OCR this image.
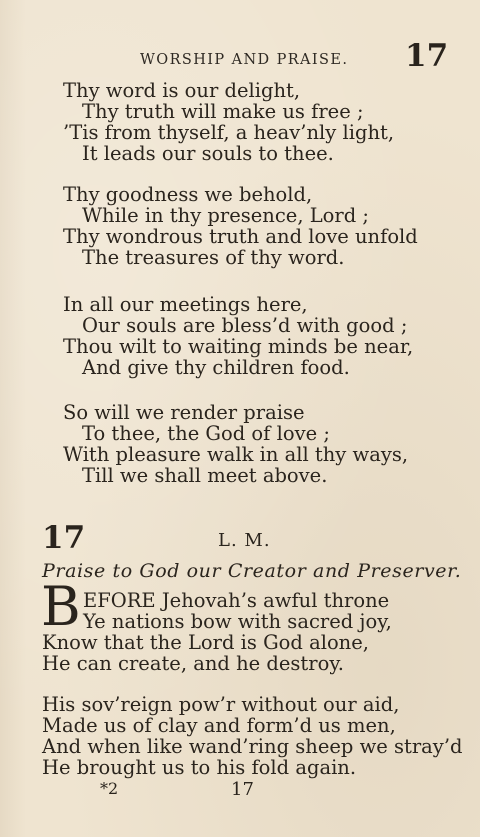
WORSHIP AND PRAISE. 17
Thy word is our delight,
Thy truth will make us free ;
’Tis from thyself, a heav’nly light,
It leads our souls to thee.
Thy goodness we behold,
While in thy presence, Lord ;
Thy wondrous truth and love unfold
The treasures of thy word.
In all our meetings here,
Our souls are bless’d with good ;
Thou wilt to waiting minds be near,
And give thy children food.
So will we render praise
To thee, the God of love ;
With pleasure walk in all thy ways,
Till we shall meet above.
17	L. M.
Praise to God our Creator and Preserver.
B EFORE Jehovah’s awful throne
Ye nations bow with sacred joy,
Know that the Lord is God alone,
He can create, and he destroy.
His sov’reign pow’r without our aid,
Made us of clay and form’d us men,
And when like wand’ring sheep we stray’d
He brought us to his fold again.
*2	17
